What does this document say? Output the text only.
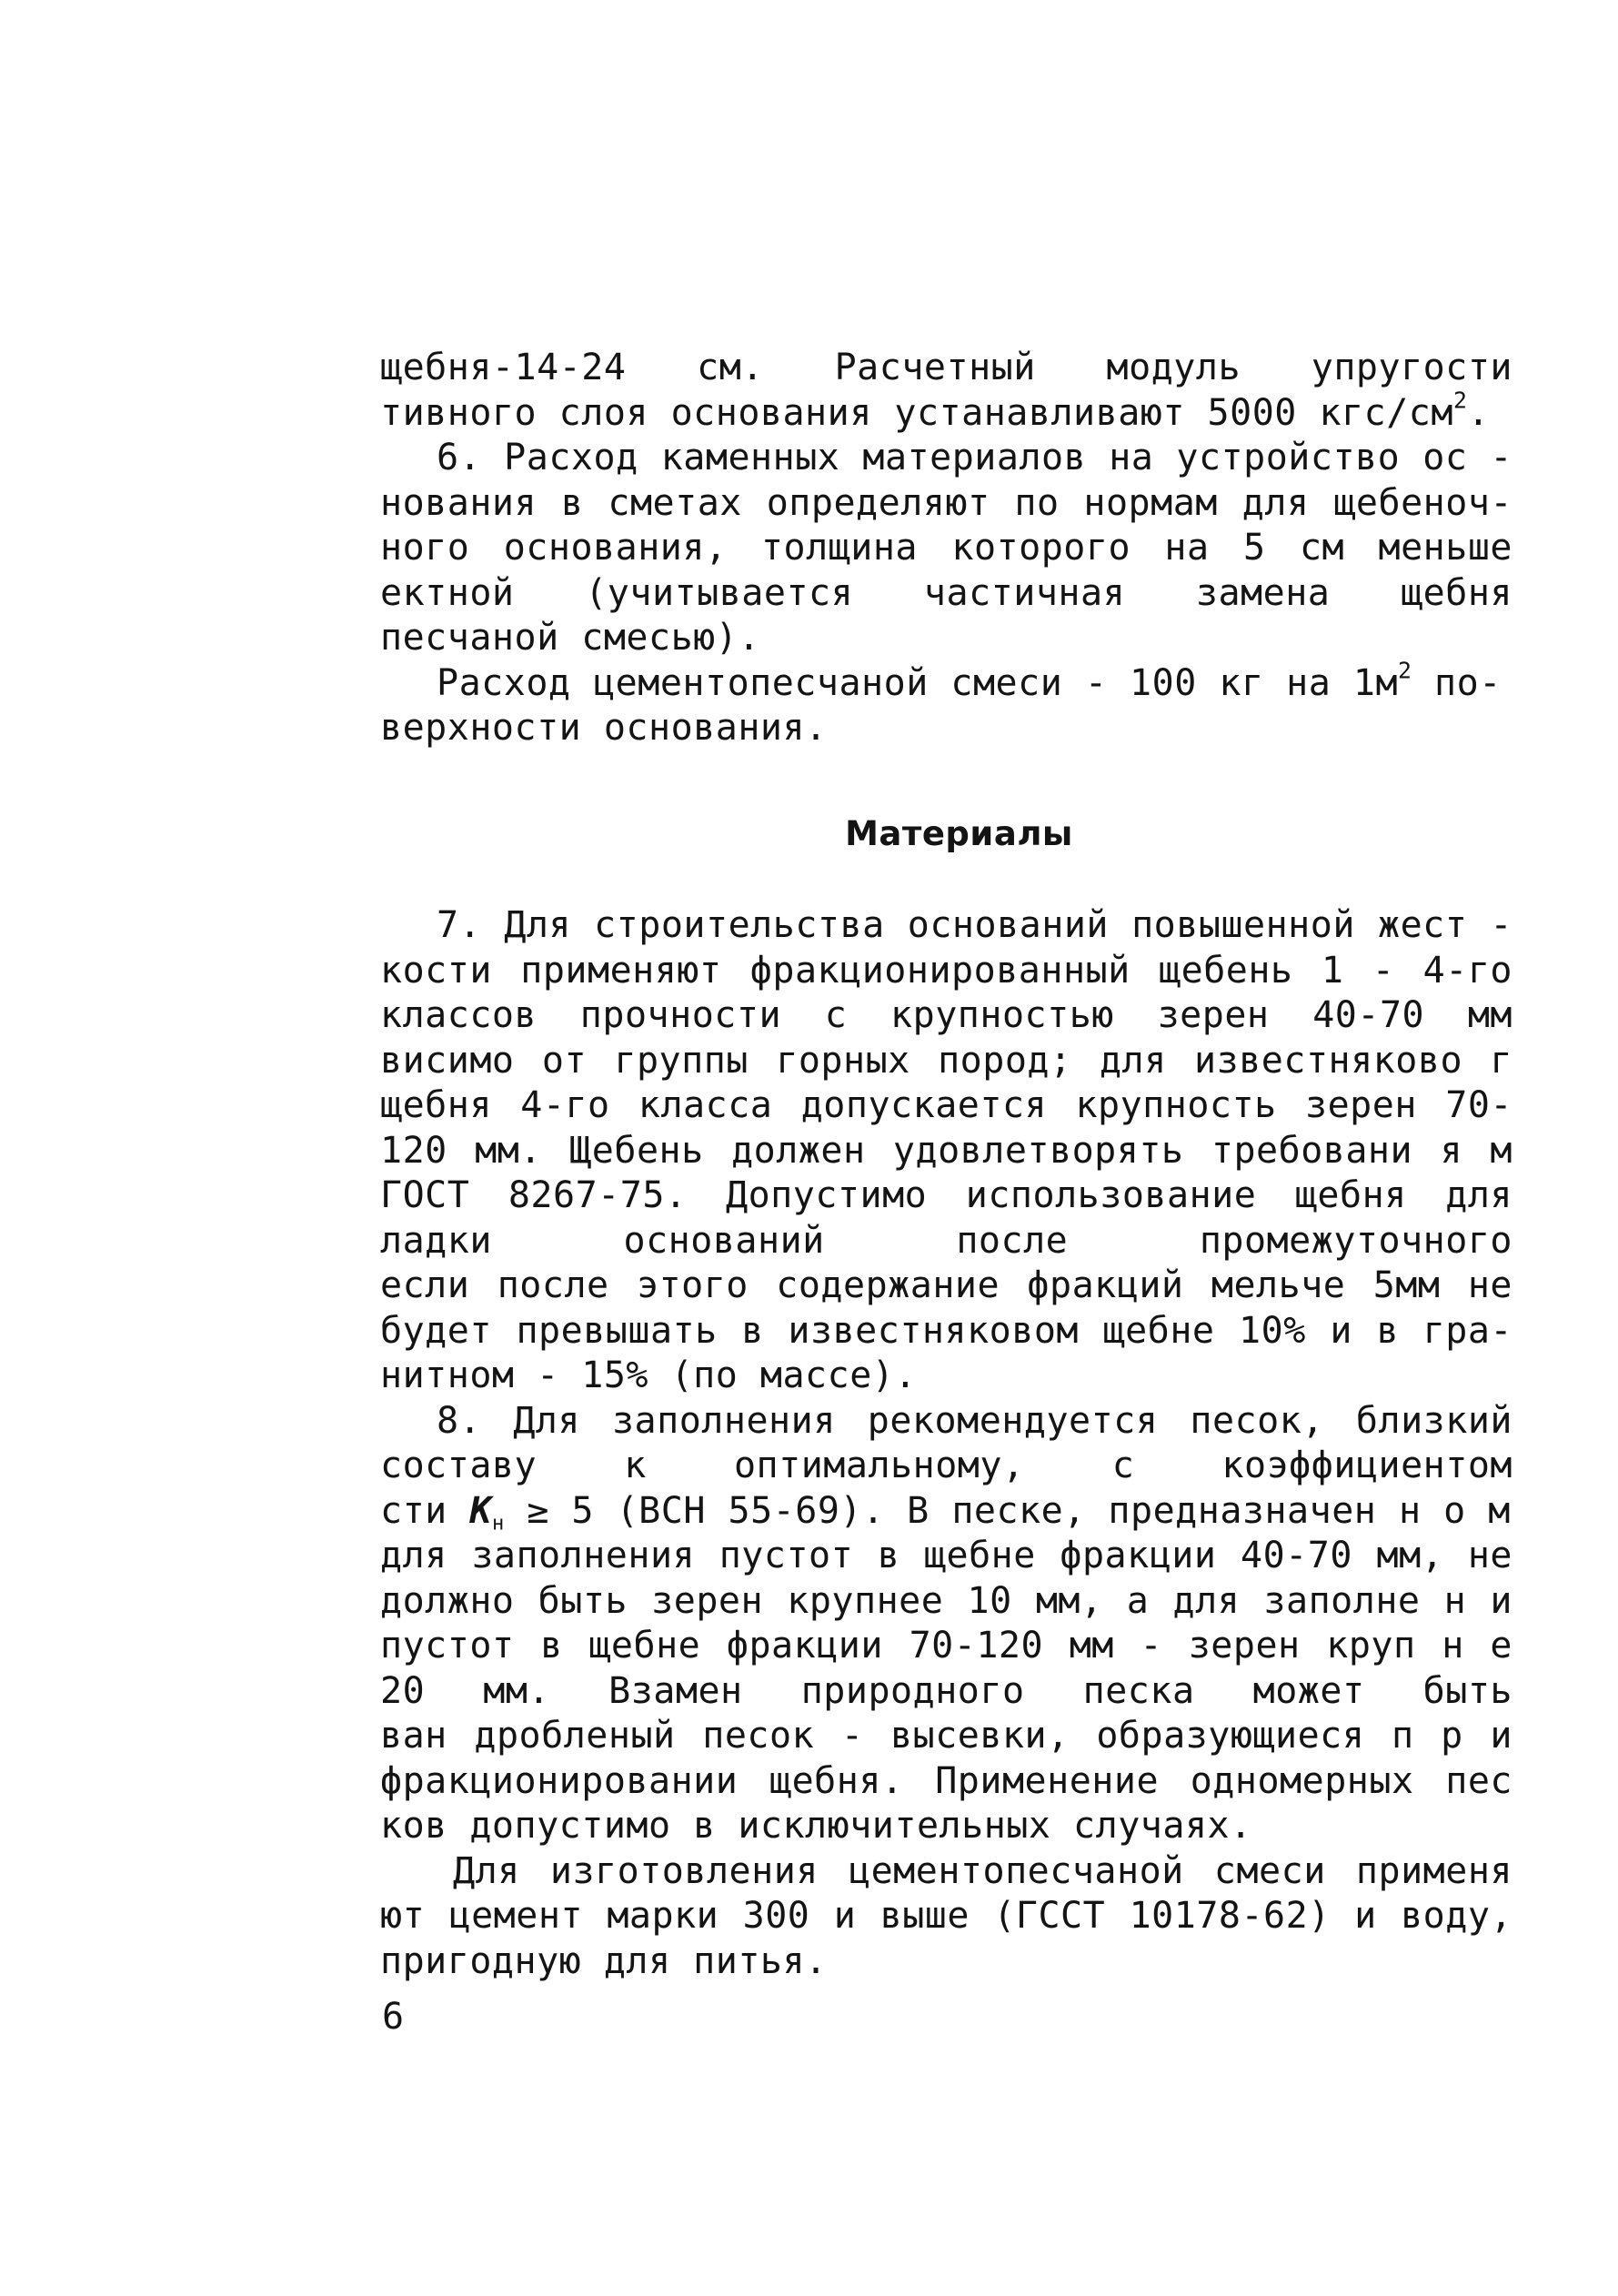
щебня-14-24 см. Расчетный модуль упругости
тивного слоя основания устанавливают 5000 кгс/$см^2$.
6. Расход каменных материалов на устройство ос -
нования в сметах определяют по нормам для щебеноч-
ного основания, толщина которого на 5 см меньше
ектной (учитывается частичная замена щебня
песчаной смесью).
Расход цементопесчаной смеси - 100 кг на $1м^2$ по-
верхности основания.
Материалы
7. Для строительства оснований повышенной жест -
кости применяют фракционированный щебень 1 - 4-го
классов прочности с крупностью зерен 40-70 мм
висимо от группы горных пород; для известняково г
щебня 4-го класса допускается крупность зерен 70-
120 мм. Щебень должен удовлетворять требовани я м
ГОСТ 8267-75. Допустимо использование щебня для
ладки оснований после промежуточного
если после этого содержание фракций мельче 5мм не
будет превышать в известняковом щебне 10% и в гра-
нитном - 15% (по массе).
8. Для заполнения рекомендуется песок, близкий
составу к оптимальному, с коэффициентом
сти $K_н \ge 5$ (ВСН 55-69). В песке, предназначен н о м
для заполнения пустот в щебне фракции 40-70 мм, не
должно быть зерен крупнее 10 мм, а для заполне н и
пустот в щебне фракции 70-120 мм - зерен круп н е
20 мм. Взамен природного песка может быть
ван дробленый песок - высевки, образующиеся п р и
фракционировании щебня. Применение одномерных пес
ков допустимо в исключительных случаях.
Для изготовления цементопесчаной смеси применя
ют цемент марки 300 и выше (ГССТ 10178-62) и воду,
пригодную для питья.
6
